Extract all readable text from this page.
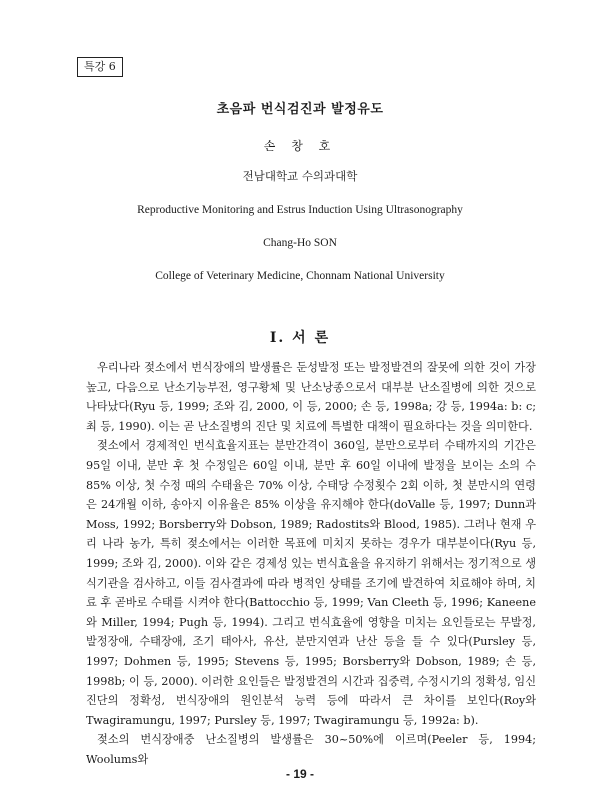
특강 6
초음파 번식검진과 발정유도
손 창 호
전남대학교 수의과대학
Reproductive Monitoring and Estrus Induction Using Ultrasonography
Chang-Ho SON
College of Veterinary Medicine, Chonnam National University
I. 서 론

우리나라 젖소에서 번식장애의 발생률은 둔성발정 또는 발정발견의 잘못에 의한 것이 가장 높고, 다음으로 난소기능부전, 영구황체 및 난소낭종으로서 대부분 난소질병에 의한 것으로 나타났다(Ryu 등, 1999; 조와 김, 2000, 이 등, 2000; 손 등, 1998a; 강 등, 1994a: b: c; 최 등, 1990). 이는 곧 난소질병의 진단 및 치료에 특별한 대책이 필요하다는 것을 의미한다.

젖소에서 경제적인 번식효율지표는 분만간격이 360일, 분만으로부터 수태까지의 기간은 95일 이내, 분만 후 첫 수정일은 60일 이내, 분만 후 60일 이내에 발정을 보이는 소의 수 85% 이상, 첫 수정 때의 수태율은 70% 이상, 수태당 수정횟수 2회 이하, 첫 분만시의 연령은 24개월 이하, 송아지 이유율은 85% 이상을 유지해야 한다(doValle 등, 1997; Dunn과 Moss, 1992; Borsberry와 Dobson, 1989; Radostits와 Blood, 1985). 그러나 현재 우리 나라 농가, 특히 젖소에서는 이러한 목표에 미치지 못하는 경우가 대부분이다(Ryu 등, 1999; 조와 김, 2000). 이와 같은 경제성 있는 번식효율을 유지하기 위해서는 정기적으로 생식기관을 검사하고, 이들 검사결과에 따라 병적인 상태를 조기에 발견하여 치료해야 하며, 치료 후 곧바로 수태를 시켜야 한다(Battocchio 등, 1999; Van Cleeth 등, 1996; Kaneene와 Miller, 1994; Pugh 등, 1994). 그리고 번식효율에 영향을 미치는 요인들로는 무발정, 발정장애, 수태장애, 조기 태아사, 유산, 분만지연과 난산 등을 들 수 있다(Pursley 등, 1997; Dohmen 등, 1995; Stevens 등, 1995; Borsberry와 Dobson, 1989; 손 등, 1998b; 이 등, 2000). 이러한 요인들은 발정발견의 시간과 집중력, 수정시기의 정확성, 임신진단의 정확성, 번식장애의 원인분석 능력 등에 따라서 큰 차이를 보인다(Roy와 Twagiramungu, 1997; Pursley 등, 1997; Twagiramungu 등, 1992a: b).

젖소의 번식장애중 난소질병의 발생률은 30~50%에 이르며(Peeler 등, 1994; Woolums와

- 19 -
